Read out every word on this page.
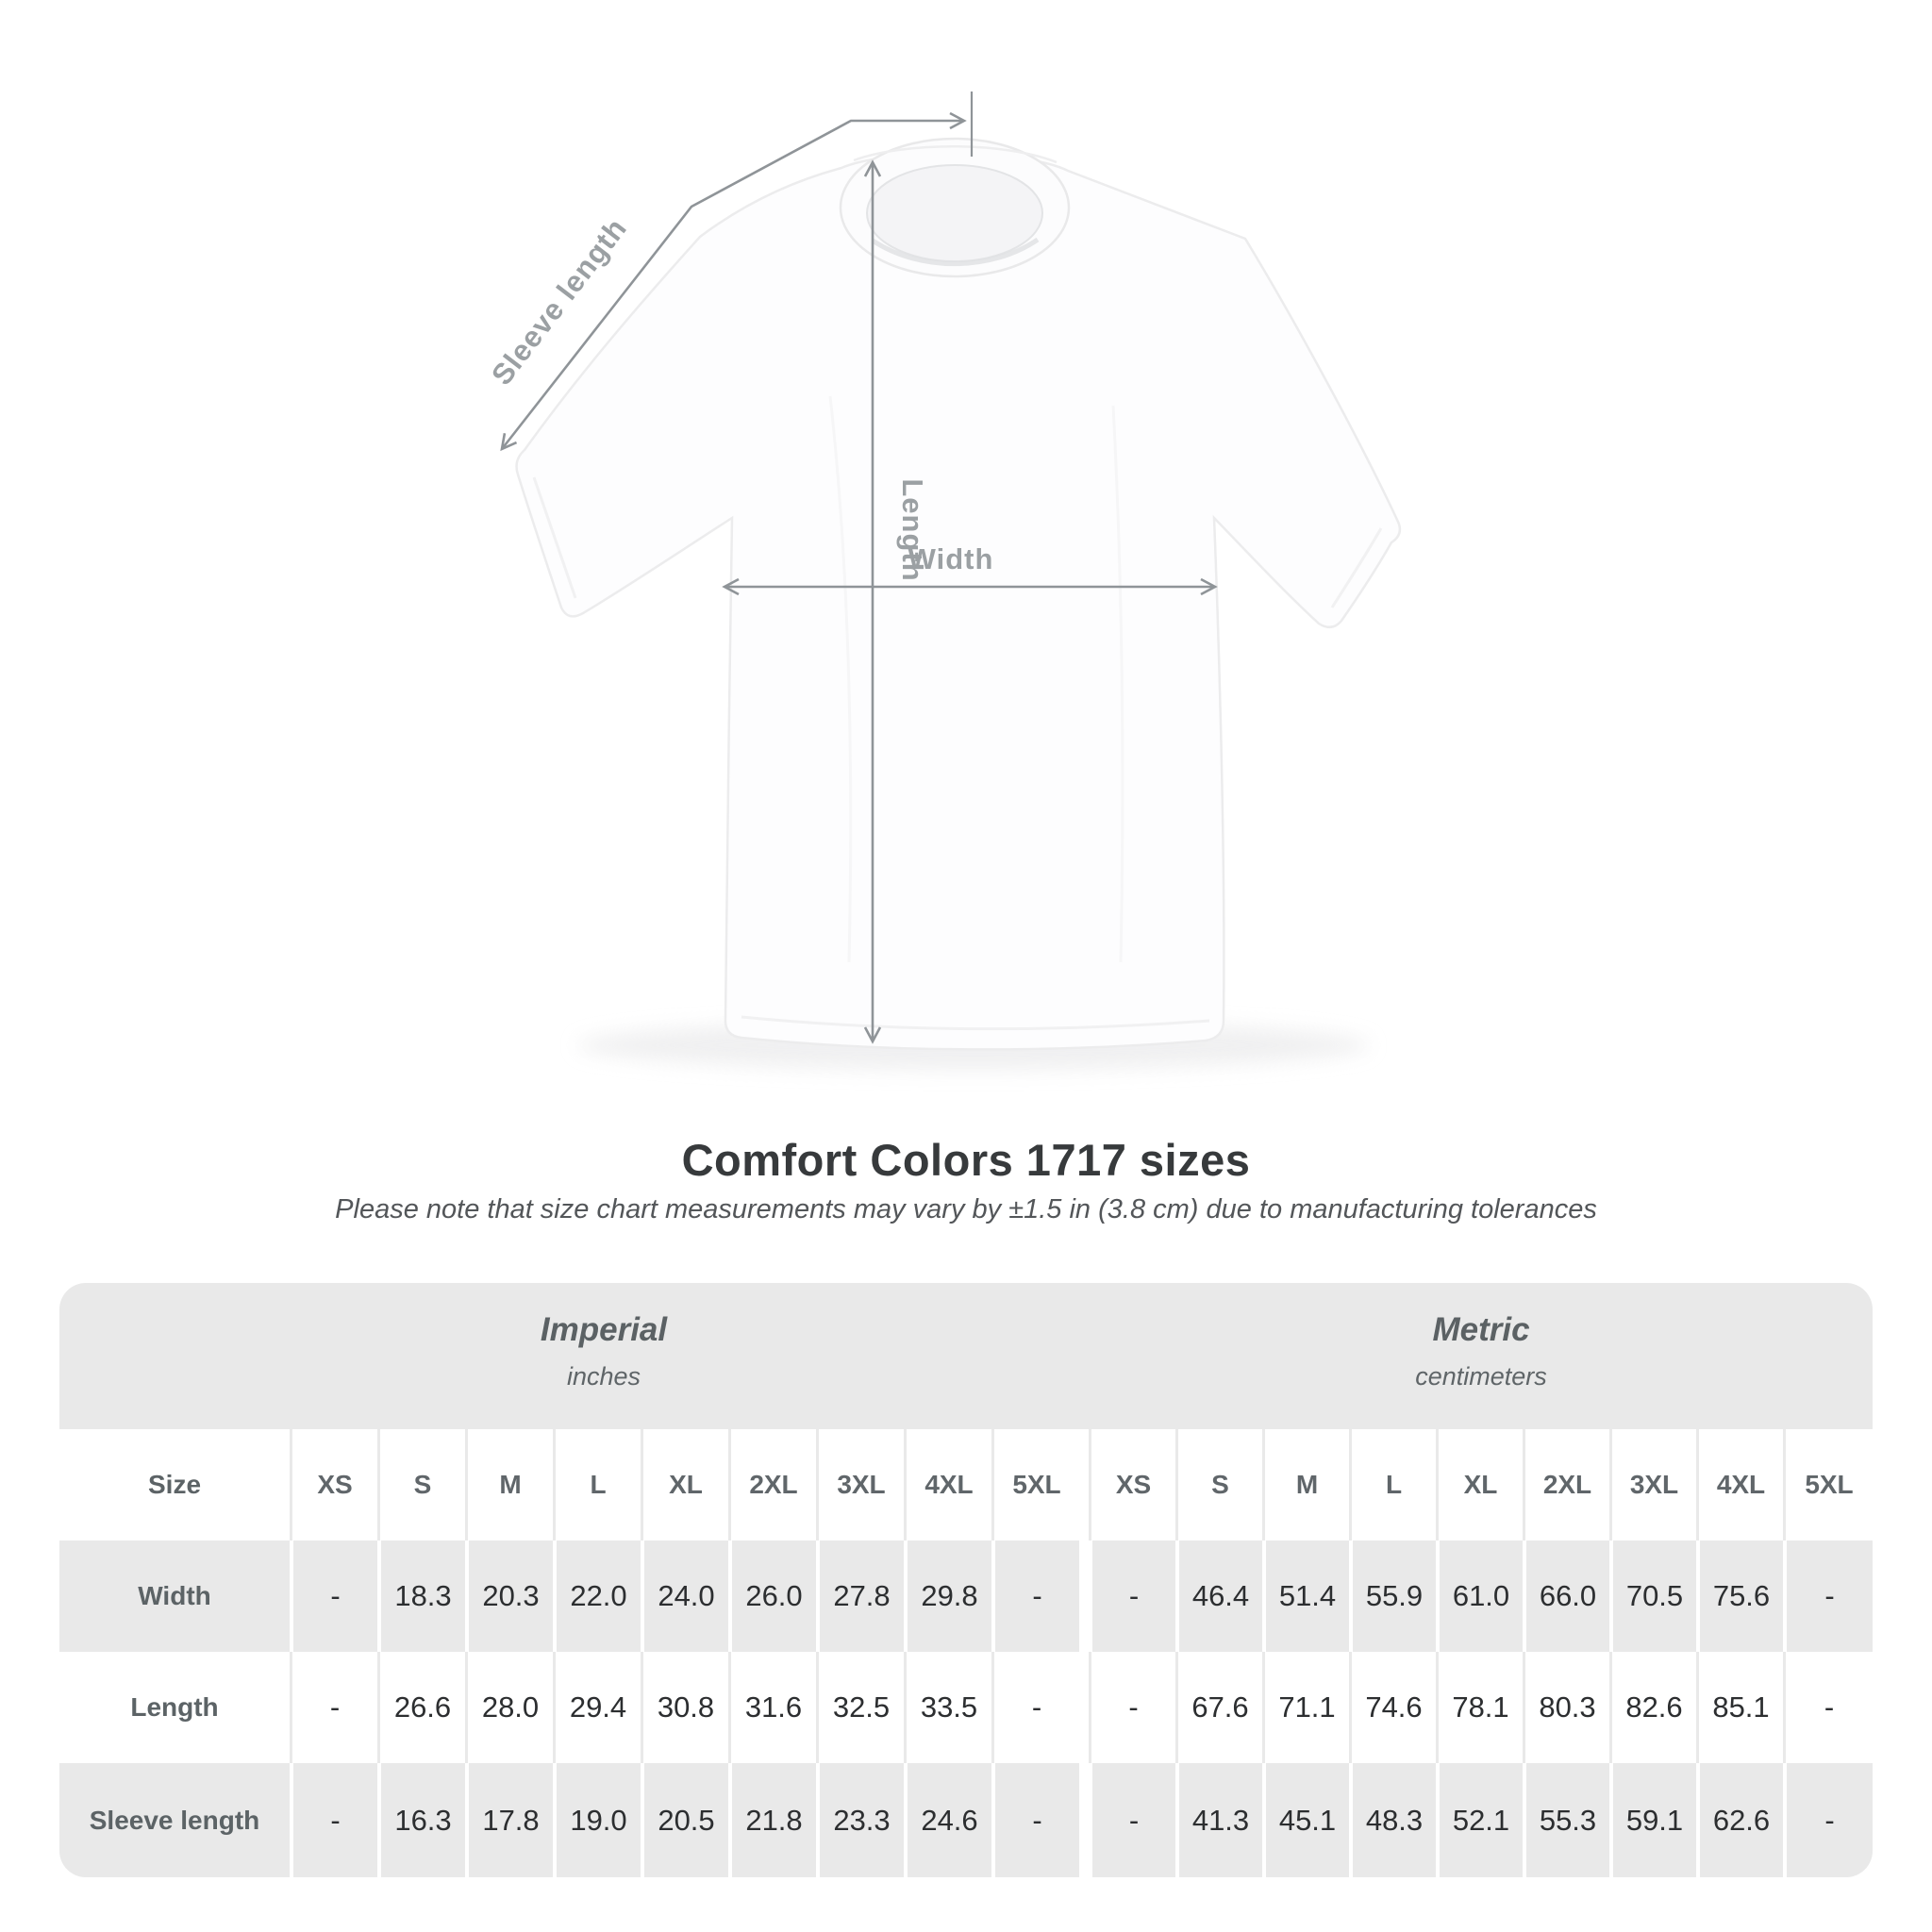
Width
Length
Sleeve length
Comfort Colors 1717 sizes
Please note that size chart measurements may vary by ±1.5 in (3.8 cm) due to manufacturing tolerances
Imperial
inches
Metric
centimeters
Size	XS	S	M	L	XL	2XL	3XL	4XL	5XL	XS	S	M	L	XL	2XL	3XL	4XL	5XL
Width	-	18.3	20.3	22.0	24.0	26.0	27.8	29.8	-	-	46.4	51.4	55.9	61.0	66.0	70.5	75.6	-
Length	-	26.6	28.0	29.4	30.8	31.6	32.5	33.5	-	-	67.6	71.1	74.6	78.1	80.3	82.6	85.1	-
Sleeve length	-	16.3	17.8	19.0	20.5	21.8	23.3	24.6	-	-	41.3	45.1	48.3	52.1	55.3	59.1	62.6	-
